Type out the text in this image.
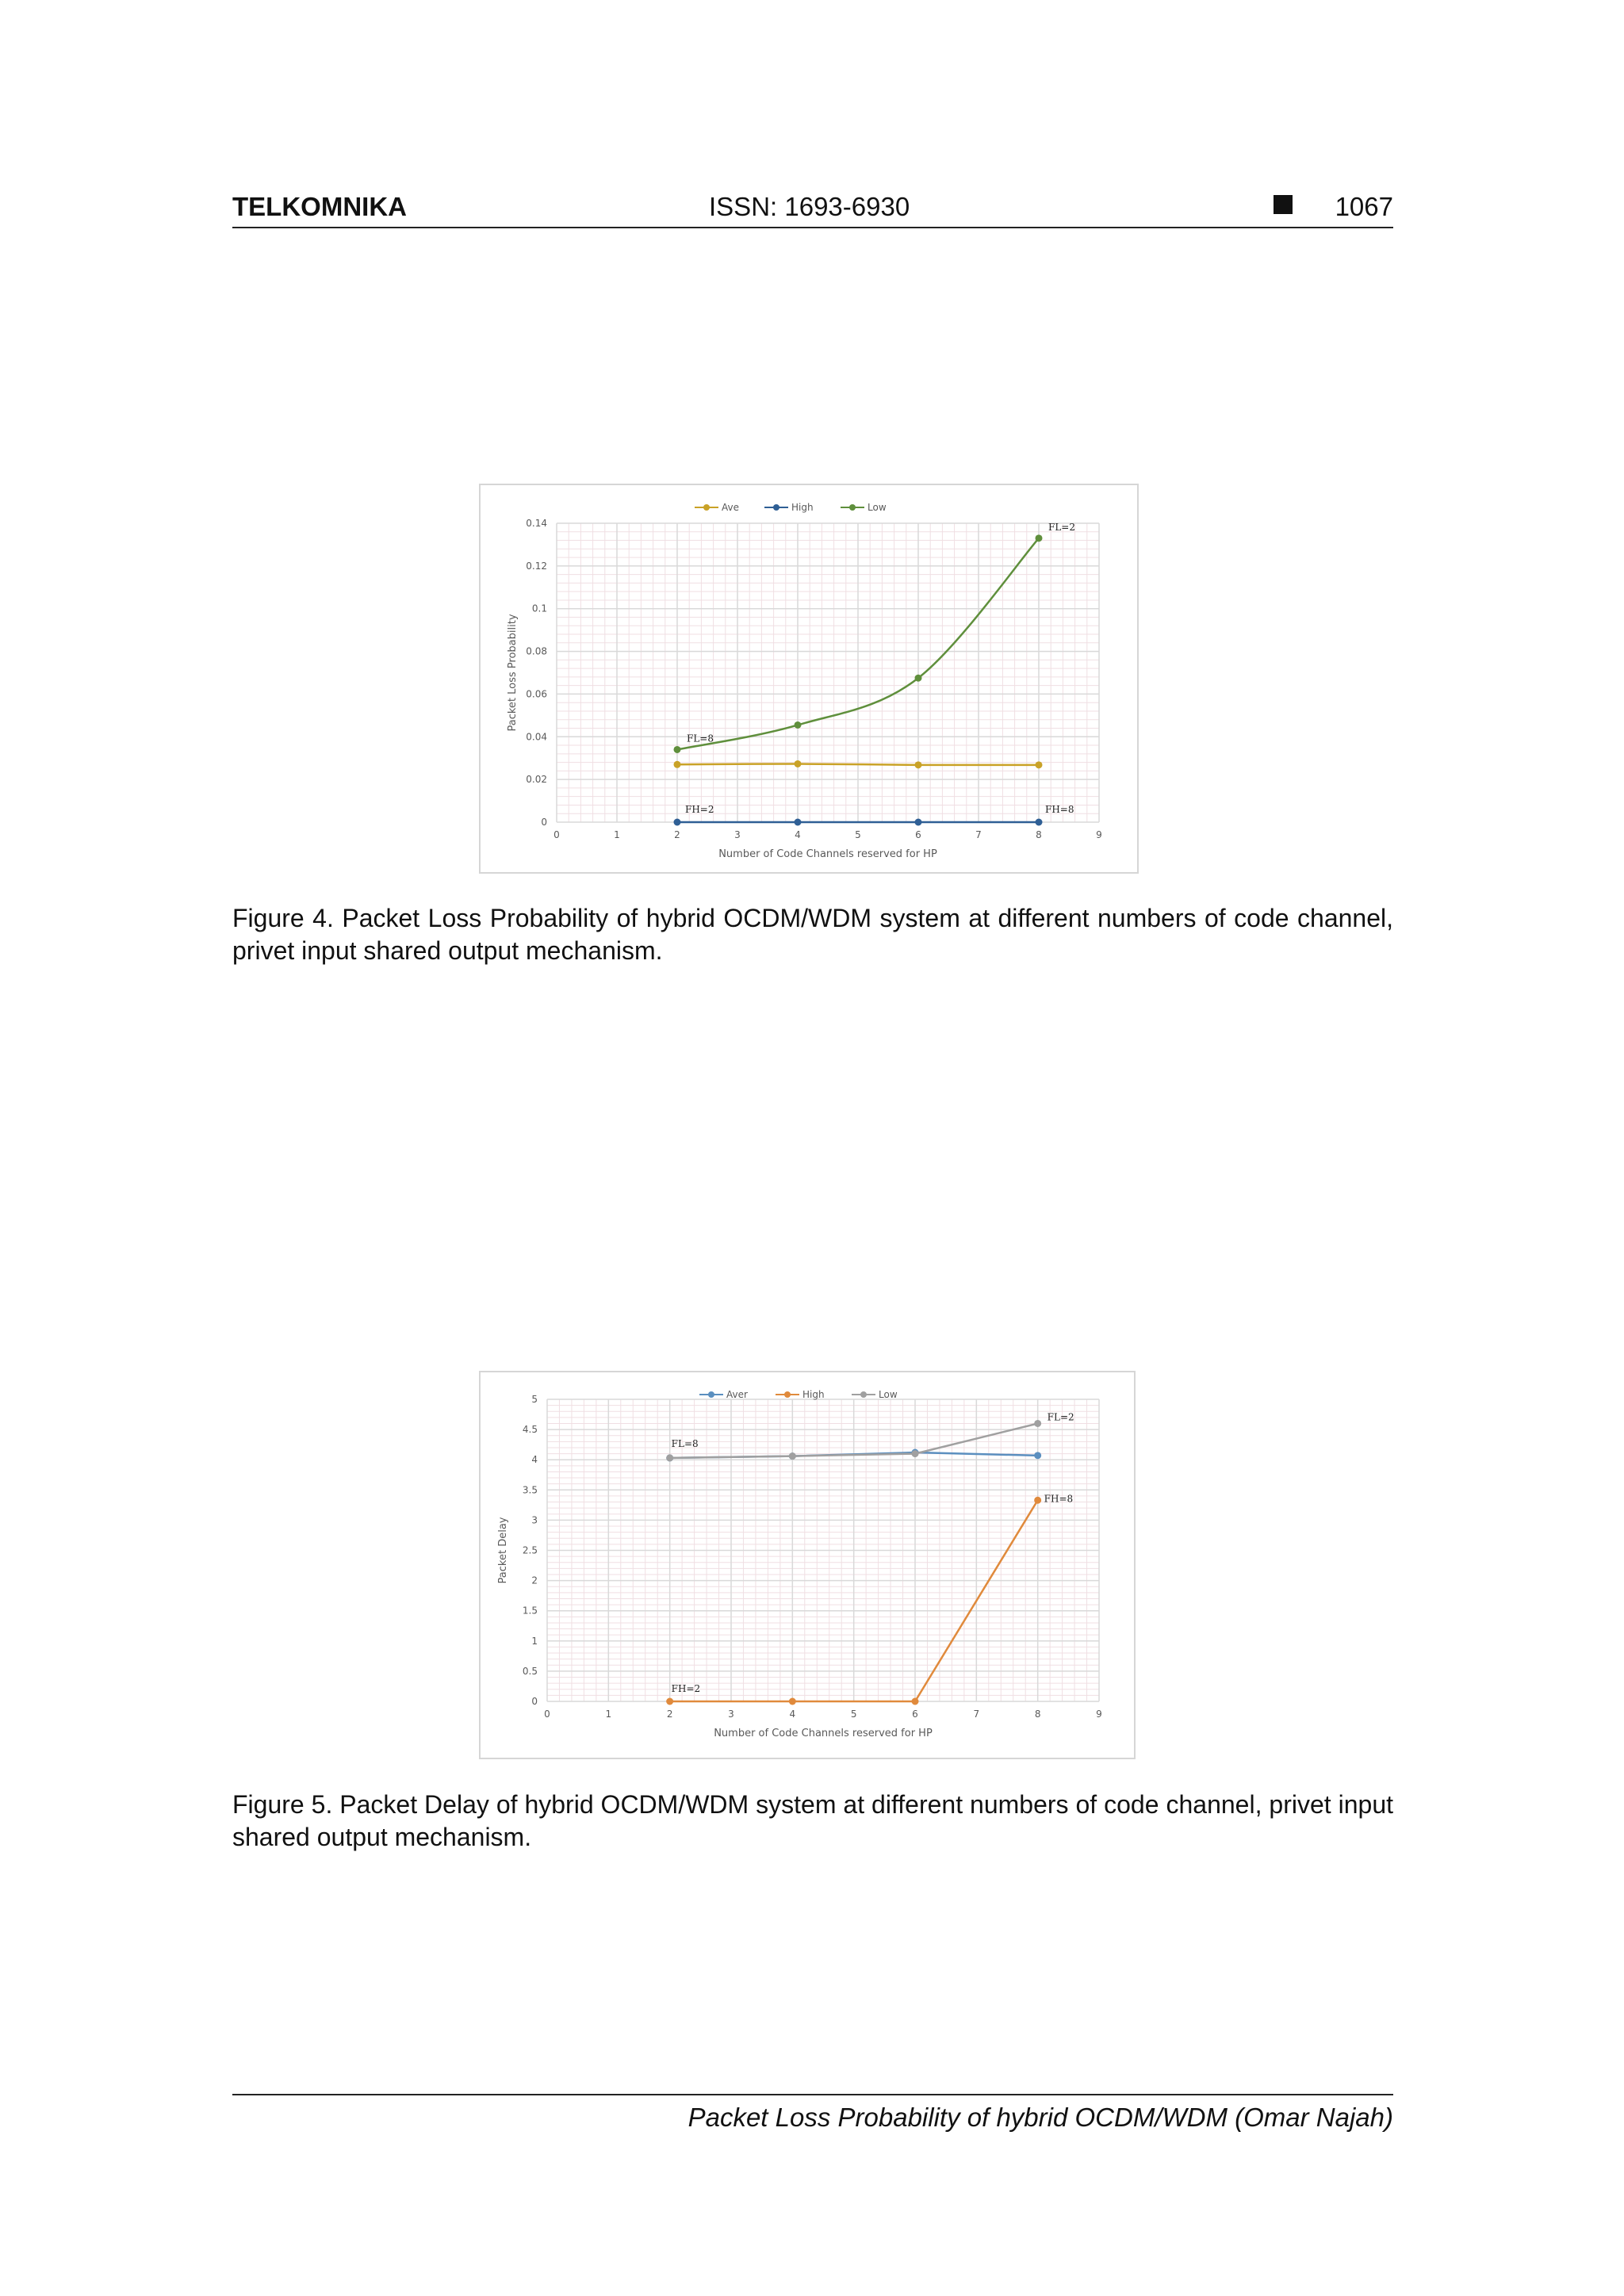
TELKOMNIKA	ISSN: 1693-6930	1067
0
0.02
0.04
0.06
0.08
0.1
0.12
0.14
0	1	2	3	4	5	6	7	8	9
Number of Code Channels reserved for HP
Packet Loss Probability
Ave	High	Low
FL=2
FL=8
FH=2	FH=8
Figure 4. Packet Loss Probability of hybrid OCDM/WDM system at different numbers of code channel, privet input shared output mechanism.
0
0.5
1
1.5
2
2.5
3
3.5
4
4.5
5
0	1	2	3	4	5	6	7	8	9
Number of Code Channels reserved for HP
Packet Delay
Aver	High	Low
FL=2
FL=8
FH=8
FH=2
Figure 5. Packet Delay of hybrid OCDM/WDM system at different numbers of code channel, privet input shared output mechanism.
Packet Loss Probability of hybrid OCDM/WDM (Omar Najah)
